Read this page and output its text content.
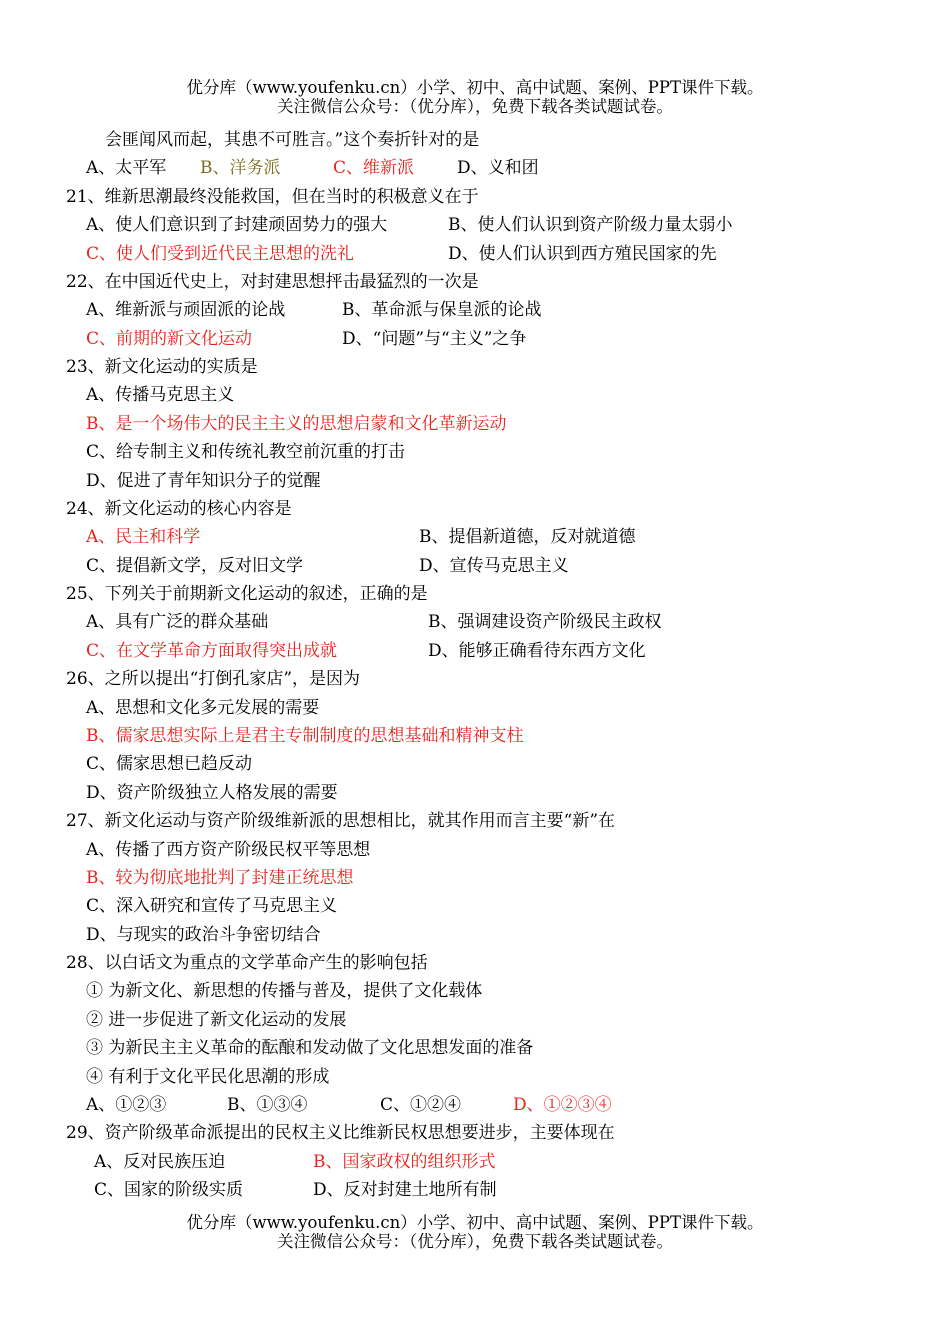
优分库（www.youfenku.cn）小学、初中、高中试题、案例、PPT课件下载。
关注微信公众号：（优分库），免费下载各类试题试卷。
会匪闻风而起，其患不可胜言。”这个奏折针对的是
A、太平军 B、洋务派	C、维新派	D、义和团
21、维新思潮最终没能救国，但在当时的积极意义在于
A、使人们意识到了封建顽固势力的强大	B、使人们认识到资产阶级力量太弱小
C、使人们受到近代民主思想的洗礼	D、使人们认识到西方殖民国家的先
22、在中国近代史上，对封建思想抨击最猛烈的一次是
A、维新派与顽固派的论战	B、革命派与保皇派的论战
C、前期的新文化运动	D、“问题”与“主义”之争
23、新文化运动的实质是
A、传播马克思主义
B、是一个场伟大的民主主义的思想启蒙和文化革新运动
C、给专制主义和传统礼教空前沉重的打击
D、促进了青年知识分子的觉醒
24、新文化运动的核心内容是
A、民主和科学	B、提倡新道德，反对就道德
C、提倡新文学，反对旧文学	D、宣传马克思主义
25、下列关于前期新文化运动的叙述，正确的是
A、具有广泛的群众基础	B、强调建设资产阶级民主政权
C、在文学革命方面取得突出成就	D、能够正确看待东西方文化
26、之所以提出“打倒孔家店”，是因为
A、思想和文化多元发展的需要
B、儒家思想实际上是君主专制制度的思想基础和精神支柱
C、儒家思想已趋反动
D、资产阶级独立人格发展的需要
27、新文化运动与资产阶级维新派的思想相比，就其作用而言主要“新”在
A、传播了西方资产阶级民权平等思想
B、较为彻底地批判了封建正统思想
C、深入研究和宣传了马克思主义
D、与现实的政治斗争密切结合
28、以白话文为重点的文学革命产生的影响包括
① 为新文化、新思想的传播与普及，提供了文化载体
② 进一步促进了新文化运动的发展
③ 为新民主主义革命的酝酿和发动做了文化思想发面的准备
④ 有利于文化平民化思潮的形成
A、①②③	B、①③④	C、①②④	D、①②③④
29、资产阶级革命派提出的民权主义比维新民权思想要进步，主要体现在
A、反对民族压迫	B、国家政权的组织形式
C、国家的阶级实质	D、反对封建土地所有制
优分库（www.youfenku.cn）小学、初中、高中试题、案例、PPT课件下载。
关注微信公众号：（优分库），免费下载各类试题试卷。
